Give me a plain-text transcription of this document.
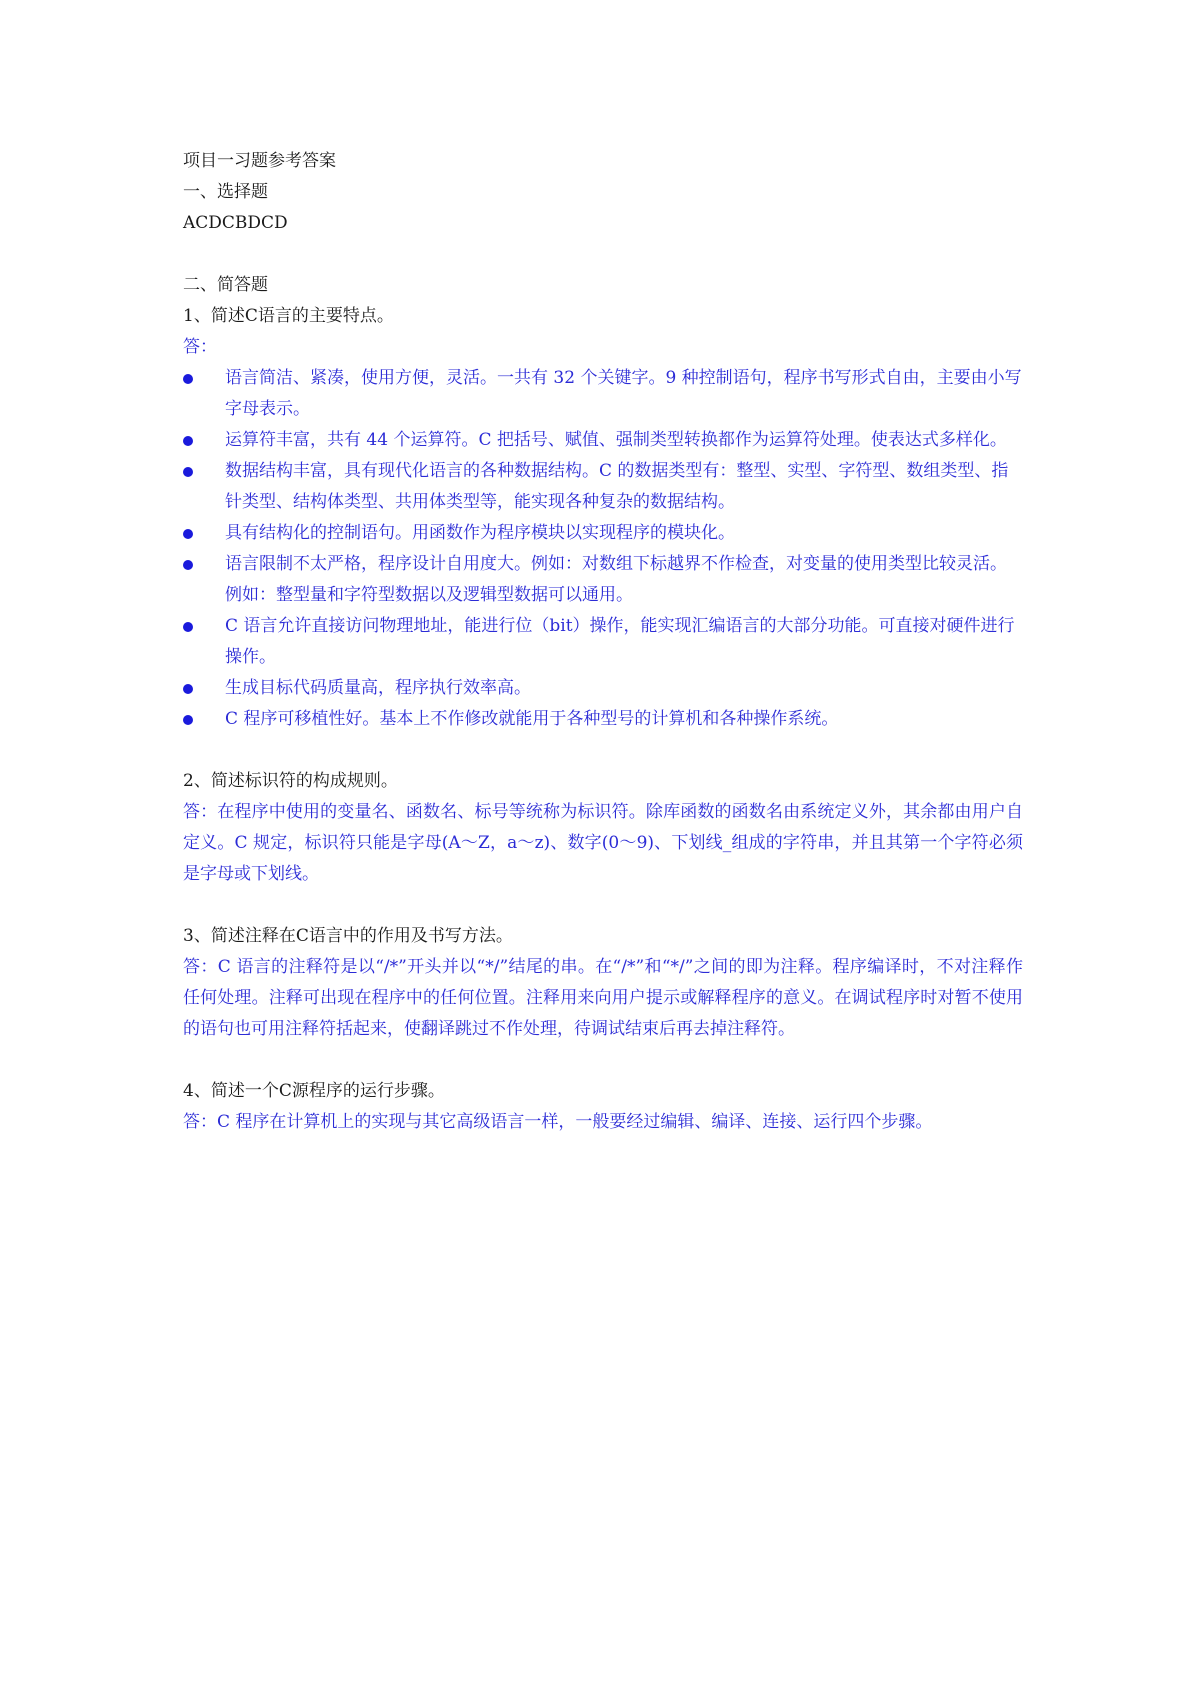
项目一习题参考答案

一、选择题

ACDCBDCD

二、简答题

1、简述C语言的主要特点。

答：

语言简洁、紧凑，使用方便，灵活。一共有 32 个关键字。9 种控制语句，程序书写形式自由，主要由小写字母表示。
运算符丰富，共有 44 个运算符。C 把括号、赋值、强制类型转换都作为运算符处理。使表达式多样化。
数据结构丰富，具有现代化语言的各种数据结构。C 的数据类型有：整型、实型、字符型、数组类型、指针类型、结构体类型、共用体类型等，能实现各种复杂的数据结构。
具有结构化的控制语句。用函数作为程序模块以实现程序的模块化。
语言限制不太严格，程序设计自用度大。例如：对数组下标越界不作检查，对变量的使用类型比较灵活。例如：整型量和字符型数据以及逻辑型数据可以通用。
C 语言允许直接访问物理地址，能进行位（bit）操作，能实现汇编语言的大部分功能。可直接对硬件进行操作。
生成目标代码质量高，程序执行效率高。
C 程序可移植性好。基本上不作修改就能用于各种型号的计算机和各种操作系统。

2、简述标识符的构成规则。

答：在程序中使用的变量名、函数名、标号等统称为标识符。除库函数的函数名由系统定义外，其余都由用户自定义。C 规定，标识符只能是字母(A～Z，a～z)、数字(0～9)、下划线_组成的字符串，并且其第一个字符必须是字母或下划线。

3、简述注释在C语言中的作用及书写方法。

答：C 语言的注释符是以“/*”开头并以“*/”结尾的串。在“/*”和“*/”之间的即为注释。程序编译时，不对注释作任何处理。注释可出现在程序中的任何位置。注释用来向用户提示或解释程序的意义。在调试程序时对暂不使用的语句也可用注释符括起来，使翻译跳过不作处理，待调试结束后再去掉注释符。

4、简述一个C源程序的运行步骤。

答：C 程序在计算机上的实现与其它高级语言一样，一般要经过编辑、编译、连接、运行四个步骤。
